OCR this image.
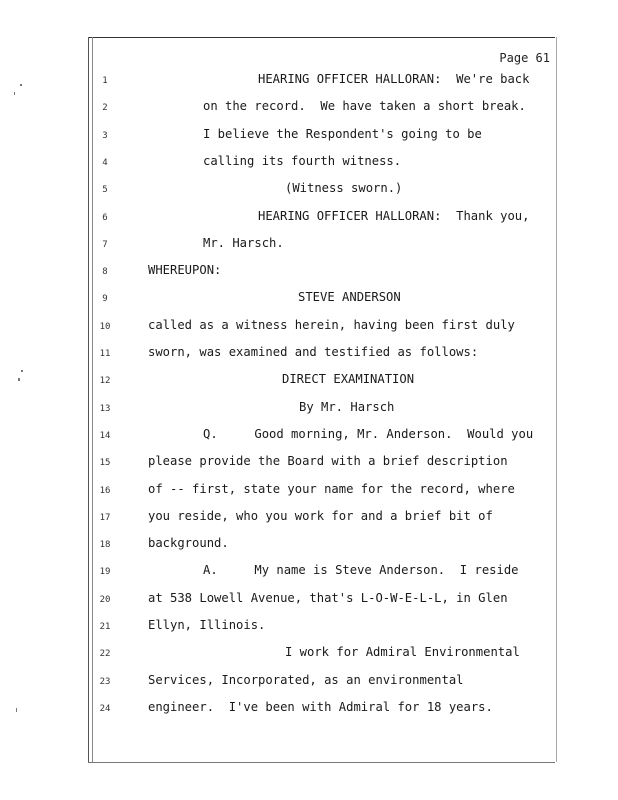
Page 61
1	HEARING OFFICER HALLORAN:  We're back
2	on the record.  We have taken a short break.
3	I believe the Respondent's going to be
4	calling its fourth witness.
5	(Witness sworn.)
6	HEARING OFFICER HALLORAN:  Thank you,
7	Mr. Harsch.
8	WHEREUPON:
9	STEVE ANDERSON
10	called as a witness herein, having been first duly
11	sworn, was examined and testified as follows:
12	DIRECT EXAMINATION
13	By Mr. Harsch
14	Q.     Good morning, Mr. Anderson.  Would you
15	please provide the Board with a brief description
16	of -- first, state your name for the record, where
17	you reside, who you work for and a brief bit of
18	background.
19	A.     My name is Steve Anderson.  I reside
20	at 538 Lowell Avenue, that's L-O-W-E-L-L, in Glen
21	Ellyn, Illinois.
22	I work for Admiral Environmental
23	Services, Incorporated, as an environmental
24	engineer.  I've been with Admiral for 18 years.
